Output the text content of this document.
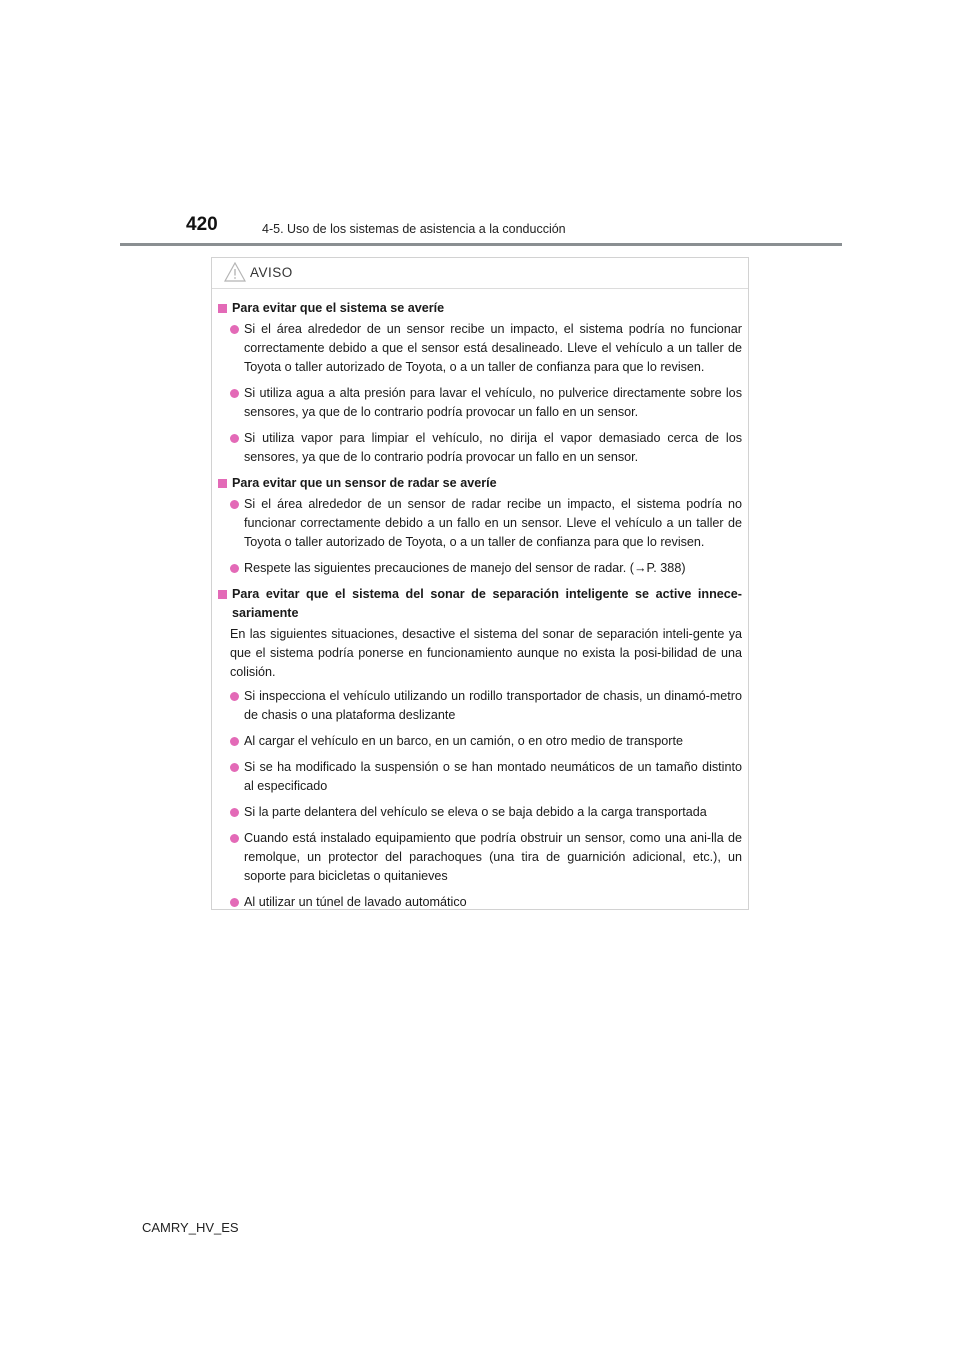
420	4-5. Uso de los sistemas de asistencia a la conducción
AVISO
Para evitar que el sistema se averíe
Si el área alrededor de un sensor recibe un impacto, el sistema podría no funcionar correctamente debido a que el sensor está desalineado. Lleve el vehículo a un taller de Toyota o taller autorizado de Toyota, o a un taller de confianza para que lo revisen.
Si utiliza agua a alta presión para lavar el vehículo, no pulverice directamente sobre los sensores, ya que de lo contrario podría provocar un fallo en un sensor.
Si utiliza vapor para limpiar el vehículo, no dirija el vapor demasiado cerca de los sensores, ya que de lo contrario podría provocar un fallo en un sensor.
Para evitar que un sensor de radar se averíe
Si el área alrededor de un sensor de radar recibe un impacto, el sistema podría no funcionar correctamente debido a un fallo en un sensor. Lleve el vehículo a un taller de Toyota o taller autorizado de Toyota, o a un taller de confianza para que lo revisen.
Respete las siguientes precauciones de manejo del sensor de radar. (→P. 388)
Para evitar que el sistema del sonar de separación inteligente se active innece-sariamente
En las siguientes situaciones, desactive el sistema del sonar de separación inteli-gente ya que el sistema podría ponerse en funcionamiento aunque no exista la posi-bilidad de una colisión.
Si inspecciona el vehículo utilizando un rodillo transportador de chasis, un dinamó-metro de chasis o una plataforma deslizante
Al cargar el vehículo en un barco, en un camión, o en otro medio de transporte
Si se ha modificado la suspensión o se han montado neumáticos de un tamaño distinto al especificado
Si la parte delantera del vehículo se eleva o se baja debido a la carga transportada
Cuando está instalado equipamiento que podría obstruir un sensor, como una ani-lla de remolque, un protector del parachoques (una tira de guarnición adicional, etc.), un soporte para bicicletas o quitanieves
Al utilizar un túnel de lavado automático
CAMRY_HV_ES
